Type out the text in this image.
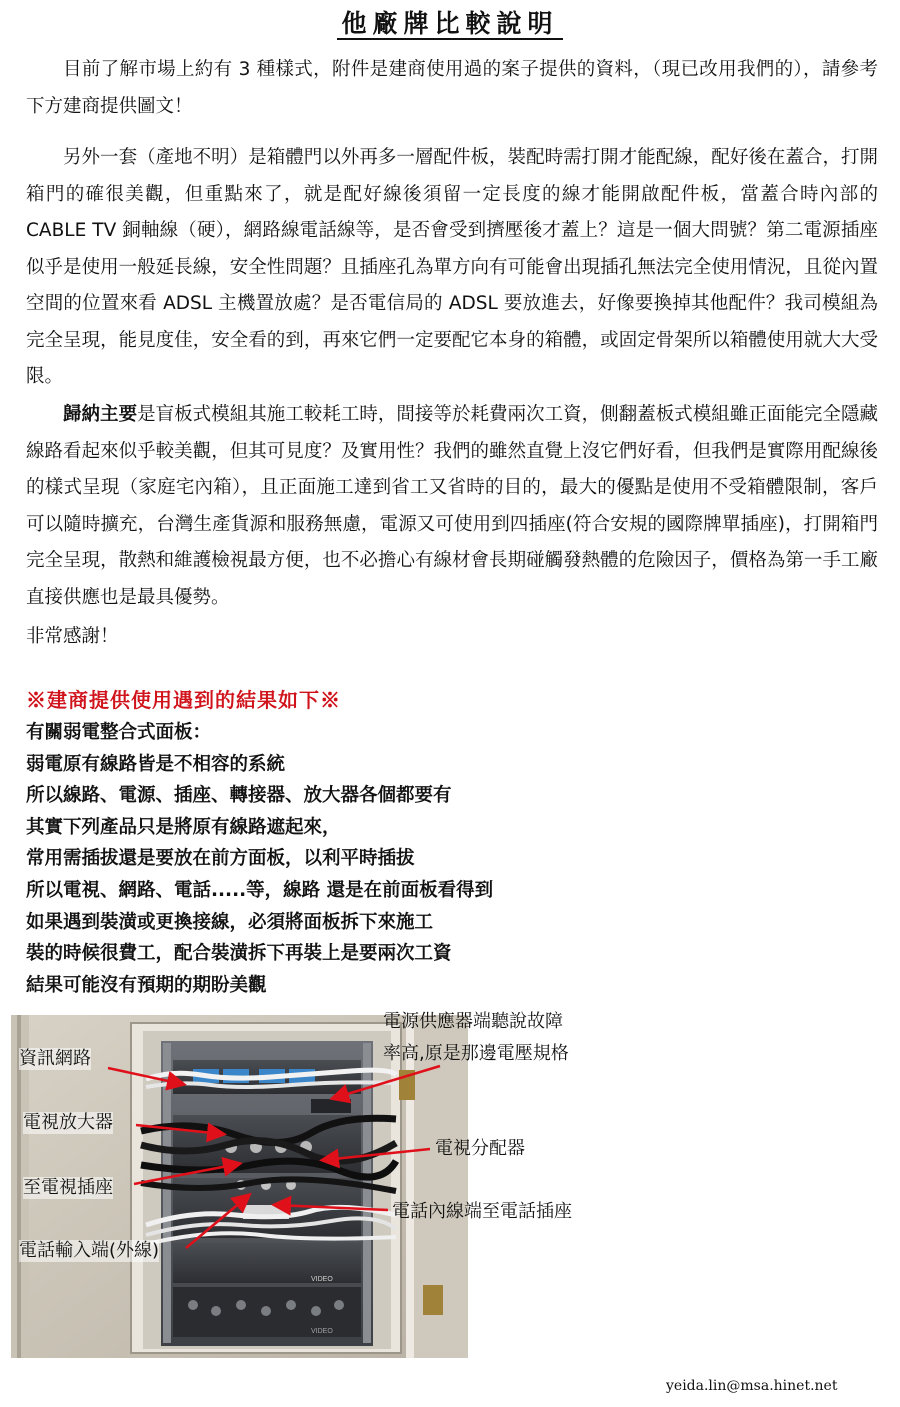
他廠牌比較說明

目前了解市場上約有 3 種樣式，附件是建商使用過的案子提供的資料，（現已改用我們的），請參考下方建商提供圖文！

另外一套（產地不明）是箱體門以外再多一層配件板，裝配時需打開才能配線，配好後在蓋合，打開箱門的確很美觀，但重點來了，就是配好線後須留一定長度的線才能開啟配件板，當蓋合時內部的 CABLE TV 銅軸線（硬），網路線電話線等，是否會受到擠壓後才蓋上？這是一個大問號？第二電源插座似乎是使用一般延長線，安全性問題？且插座孔為單方向有可能會出現插孔無法完全使用情況，且從內置空間的位置來看 ADSL 主機置放處？是否電信局的 ADSL 要放進去，好像要換掉其他配件？我司模組為完全呈現，能見度佳，安全看的到，再來它們一定要配它本身的箱體，或固定骨架所以箱體使用就大大受限。

歸納主要是盲板式模組其施工較耗工時，間接等於耗費兩次工資，側翻蓋板式模組雖正面能完全隱藏線路看起來似乎較美觀，但其可見度？及實用性？我們的雖然直覺上沒它們好看，但我們是實際用配線後的樣式呈現（家庭宅內箱），且正面施工達到省工又省時的目的，最大的優點是使用不受箱體限制，客戶可以隨時擴充，台灣生產貨源和服務無慮，電源又可使用到四插座(符合安規的國際牌單插座)，打開箱門完全呈現，散熱和維護檢視最方便，也不必擔心有線材會長期碰觸發熱體的危險因子，價格為第一手工廠直接供應也是最具優勢。

非常感謝！

※建商提供使用遇到的結果如下※
有關弱電整合式面板：
弱電原有線路皆是不相容的系統
所以線路、電源、插座、轉接器、放大器各個都要有
其實下列產品只是將原有線路遮起來，
常用需插拔還是要放在前方面板，以利平時插拔
所以電視、網路、電話.....等，線路 還是在前面板看得到
如果遇到裝潢或更換接線，必須將面板拆下來施工
裝的時候很費工，配合裝潢拆下再裝上是要兩次工資
結果可能沒有預期的期盼美觀
VIDEO
VIDEO
電源供應器端聽說故障
率高,原是那邊電壓規格
資訊網路
電視放大器
電視分配器
至電視插座
電話內線端至電話插座
電話輸入端(外線)
yeida.lin@msa.hinet.net
